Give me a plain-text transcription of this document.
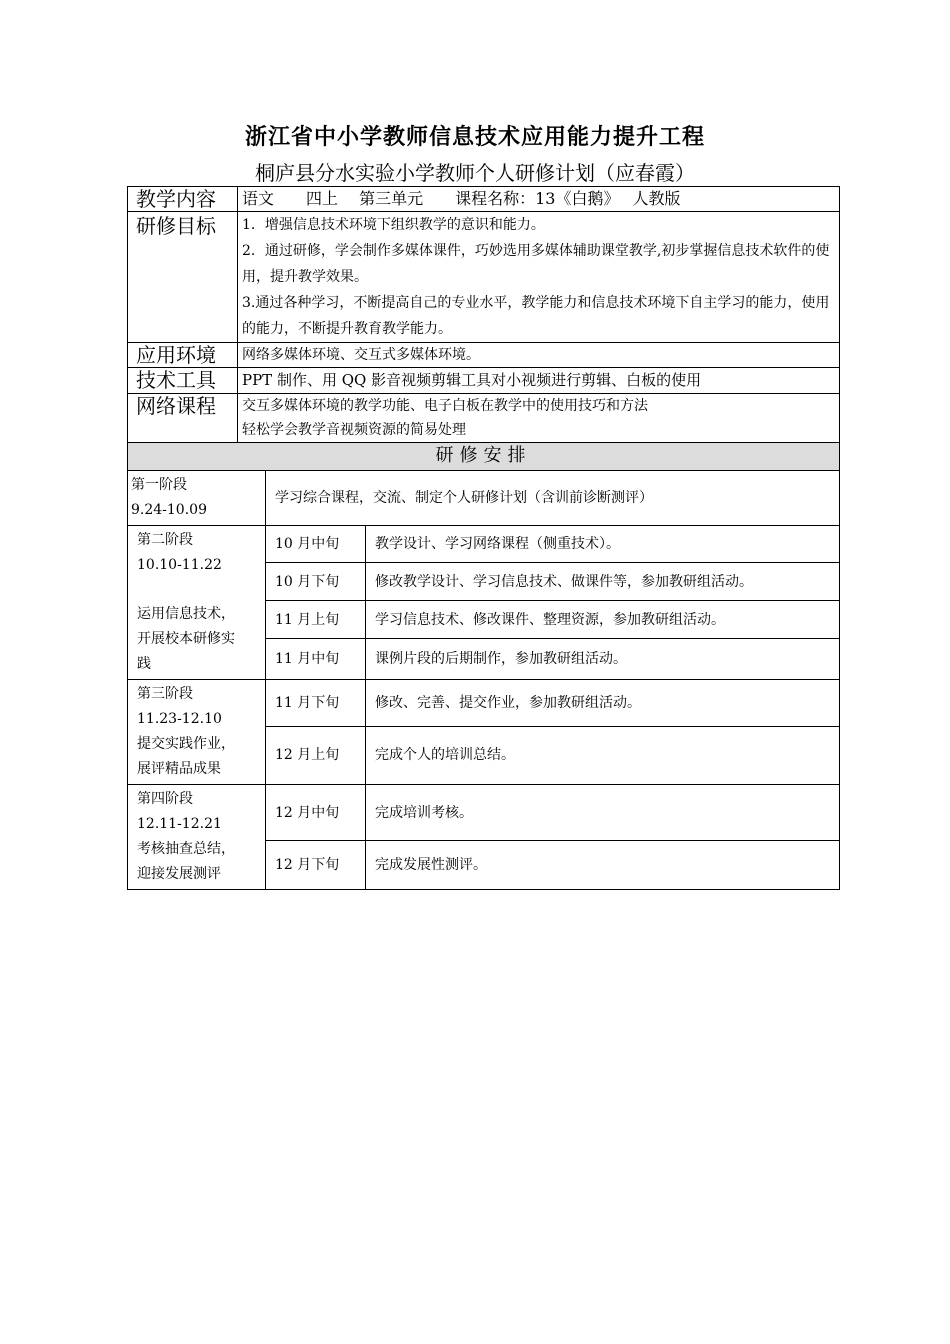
浙江省中小学教师信息技术应用能力提升工程
桐庐县分水实验小学教师个人研修计划（应春霞）
教学内容	语文　　四上　 第三单元　　课程名称：13《白鹅》　 人教版		
研修目标	1．增强信息技术环境下组织教学的意识和能力。
2．通过研修，学会制作多媒体课件，巧妙选用多媒体辅助课堂教学,初步掌握信息技术软件的使用，提升教学效果。
3.通过各种学习，不断提高自己的专业水平，教学能力和信息技术环境下自主学习的能力，使用的能力，不断提升教育教学能力。		

应用环境	网络多媒体环境、交互式多媒体环境。		
技术工具	PPT 制作、用 QQ 影音视频剪辑工具对小视频进行剪辑、白板的使用		
网络课程	交互多媒体环境的教学功能、电子白板在教学中的使用技巧和方法
轻松学会教学音视频资源的简易处理		

研修安排			

第一阶段
9.24-10.09		学习综合课程，交流、制定个人研修计划（含训前诊断测评）	

第二阶段
10.10-11.22
运用信息技术，
开展校本研修实
践		10 月中旬	教学设计、学习网络课程（侧重技术）。
		10 月下旬	修改教学设计、学习信息技术、做课件等，参加教研组活动。
		11 月上旬	学习信息技术、修改课件、整理资源，参加教研组活动。
		11 月中旬	课例片段的后期制作，参加教研组活动。

第三阶段
11.23-12.10
提交实践作业，
展评精品成果		11 月下旬	修改、完善、提交作业，参加教研组活动。
		12 月上旬	完成个人的培训总结。

第四阶段
12.11-12.21
考核抽查总结，
迎接发展测评		12 月中旬	完成培训考核。
		12 月下旬	完成发展性测评。
